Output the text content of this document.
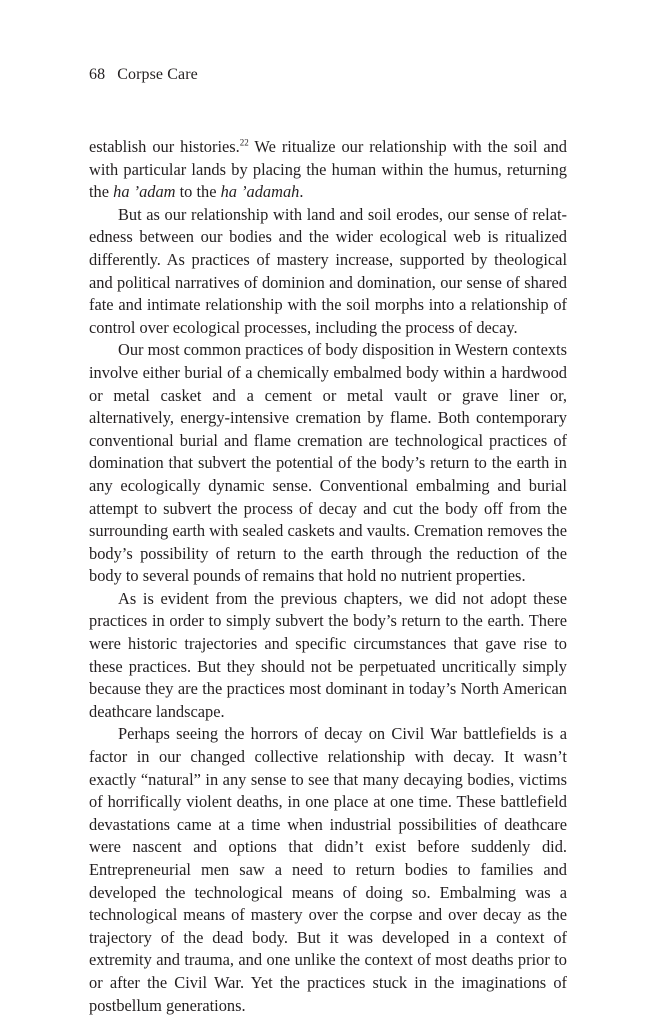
68 Corpse Care

establish our histories.$^{22}$ We ritualize our relationship with the soil and with particular lands by placing the human within the humus, returning the ha ’adam to the ha ’adamah.

But as our relationship with land and soil erodes, our sense of relatedness between our bodies and the wider ecological web is ritualized differently. As practices of mastery increase, supported by theological and political narratives of dominion and domination, our sense of shared fate and intimate relationship with the soil morphs into a relationship of control over ecological processes, including the process of decay.

Our most common practices of body disposition in Western contexts involve either burial of a chemically embalmed body within a hardwood or metal casket and a cement or metal vault or grave liner or, alternatively, energy-intensive cremation by flame. Both contemporary conventional burial and flame cremation are technological practices of domination that subvert the potential of the body’s return to the earth in any ecologically dynamic sense. Conventional embalming and burial attempt to subvert the process of decay and cut the body off from the surrounding earth with sealed caskets and vaults. Cremation removes the body’s possibility of return to the earth through the reduction of the body to several pounds of remains that hold no nutrient properties.

As is evident from the previous chapters, we did not adopt these practices in order to simply subvert the body’s return to the earth. There were historic trajectories and specific circumstances that gave rise to these practices. But they should not be perpetuated uncritically simply because they are the practices most dominant in today’s North American deathcare landscape.

Perhaps seeing the horrors of decay on Civil War battlefields is a factor in our changed collective relationship with decay. It wasn’t exactly “natural” in any sense to see that many decaying bodies, victims of horrifically violent deaths, in one place at one time. These battlefield devastations came at a time when industrial possibilities of deathcare were nascent and options that didn’t exist before suddenly did. Entrepreneurial men saw a need to return bodies to families and developed the technological means of doing so. Embalming was a technological means of mastery over the corpse and over decay as the trajectory of the dead body. But it was developed in a context of extremity and trauma, and one unlike the context of most deaths prior to or after the Civil War. Yet the practices stuck in the imaginations of postbellum generations.
